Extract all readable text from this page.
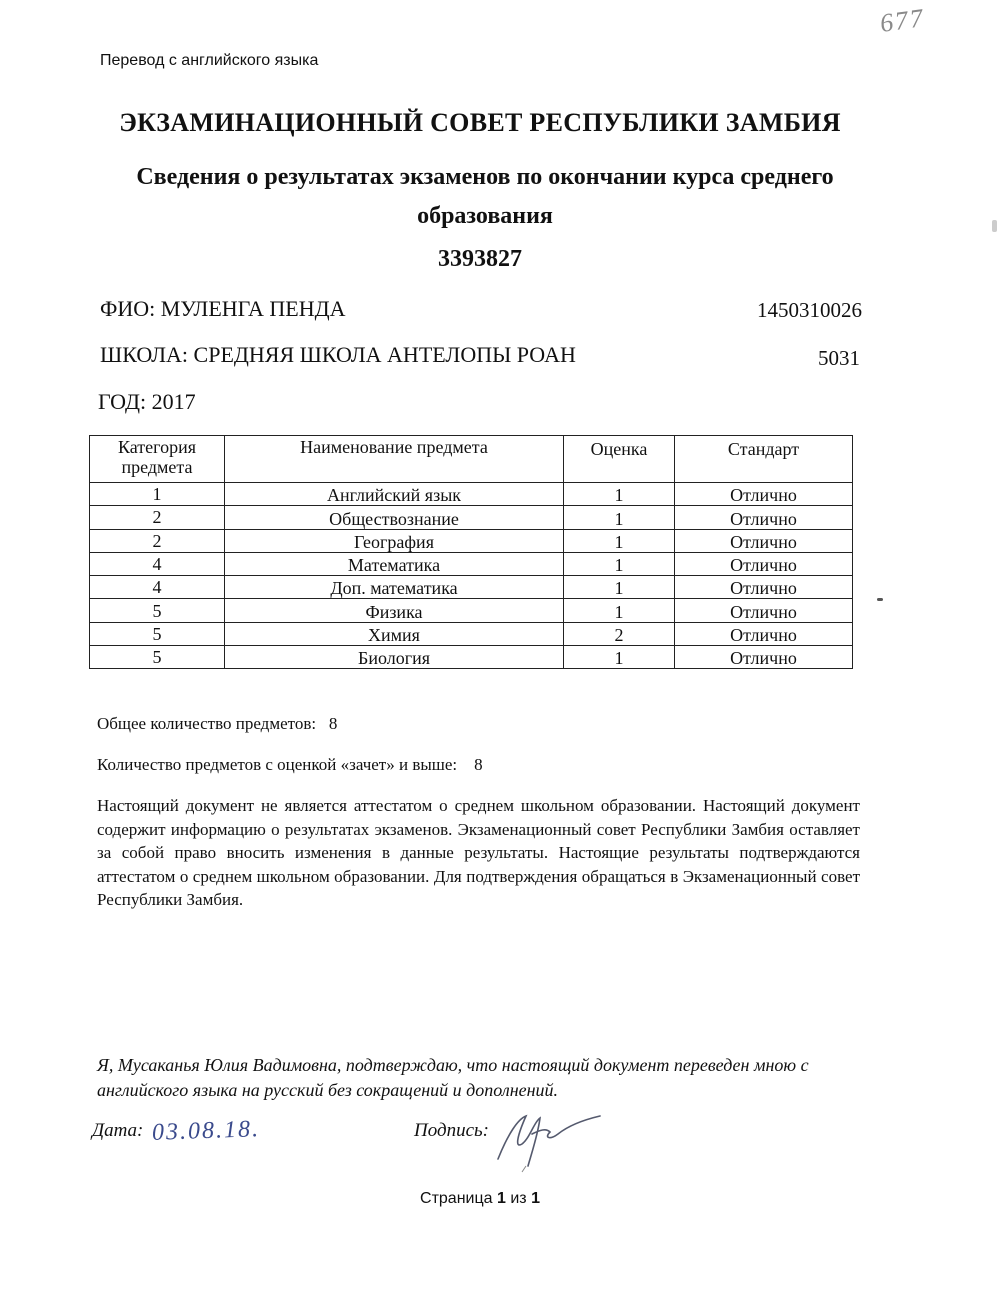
677
Перевод с английского языка
ЭКЗАМИНАЦИОННЫЙ СОВЕТ РЕСПУБЛИКИ ЗАМБИЯ
Сведения о результатах экзаменов по окончании курса среднего образования
3393827
ФИО: МУЛЕНГА ПЕНДА	1450310026
ШКОЛА: СРЕДНЯЯ ШКОЛА АНТЕЛОПЫ РОАН	5031
ГОД: 2017
Категория предмета	Наименование предмета	Оценка	Стандарт
1	Английский язык	1	Отлично
2	Обществознание	1	Отлично
2	География	1	Отлично
4	Математика	1	Отлично
4	Доп. математика	1	Отлично
5	Физика	1	Отлично
5	Химия	2	Отлично
5	Биология	1	Отлично
Общее количество предметов: 8
Количество предметов с оценкой «зачет» и выше: 8
Настоящий документ не является аттестатом о среднем школьном образовании. Настоящий документ содержит информацию о результатах экзаменов. Экзаменационный совет Республики Замбия оставляет за собой право вносить изменения в данные результаты. Настоящие результаты подтверждаются аттестатом о среднем школьном образовании. Для подтверждения обращаться в Экзаменационный совет Республики Замбия.
Я, Мусаканья Юлия Вадимовна, подтверждаю, что настоящий документ переведен мною с английского языка на русский без сокращений и дополнений.
Дата: 03.08.18.	Подпись:
Страница 1 из 1
